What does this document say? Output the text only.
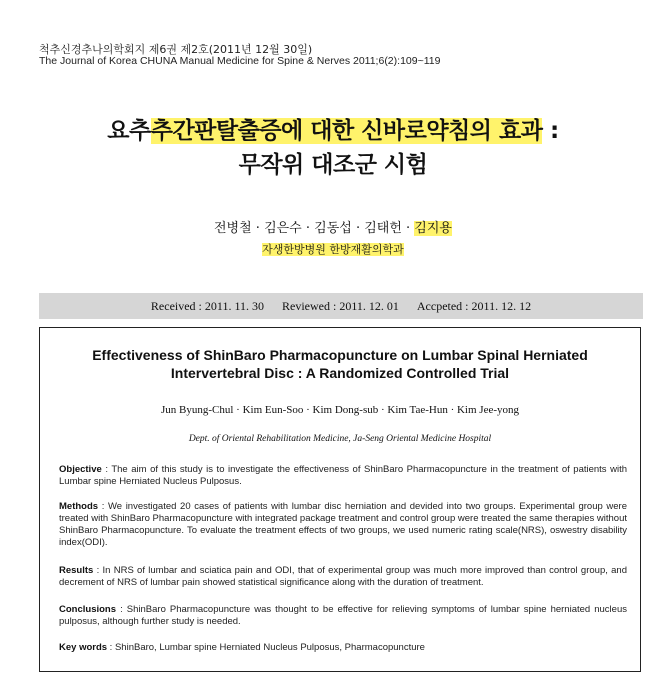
척추신경추나의학회지 제6권 제2호(2011년 12월 30일)
The Journal of Korea CHUNA Manual Medicine for Spine & Nerves 2011;6(2):109~119
요추추간판탈출증에 대한 신바로약침의 효과 :
무작위 대조군 시험
전병철 · 김은수 · 김동섭 · 김태헌 · 김지용
자생한방병원 한방재활의학과
Received : 2011. 11. 30 Reviewed : 2011. 12. 01 Accpeted : 2011. 12. 12
Effectiveness of ShinBaro Pharmacopuncture on Lumbar Spinal Herniated
Intervertebral Disc : A Randomized Controlled Trial
Jun Byung-Chul · Kim Eun-Soo · Kim Dong-sub · Kim Tae-Hun · Kim Jee-yong
Dept. of Oriental Rehabilitation Medicine, Ja-Seng Oriental Medicine Hospital
Objective : The aim of this study is to investigate the effectiveness of ShinBaro Pharmacopuncture in the treatment of patients with Lumbar spine Herniated Nucleus Pulposus.
Methods : We investigated 20 cases of patients with lumbar disc herniation and devided into two groups. Experimental group were treated with ShinBaro Pharmacopuncture with integrated package treatment and control group were treated the same therapies without ShinBaro Pharmacopuncture. To evaluate the treatment effects of two groups, we used numeric rating scale(NRS), oswestry disability index(ODI).
Results : In NRS of lumbar and sciatica pain and ODI, that of experimental group was much more improved than control group, and decrement of NRS of lumbar pain showed statistical significance along with the duration of treatment.
Conclusions : ShinBaro Pharmacopuncture was thought to be effective for relieving symptoms of lumbar spine herniated nucleus pulposus, although further study is needed.
Key words : ShinBaro, Lumbar spine Herniated Nucleus Pulposus, Pharmacopuncture
